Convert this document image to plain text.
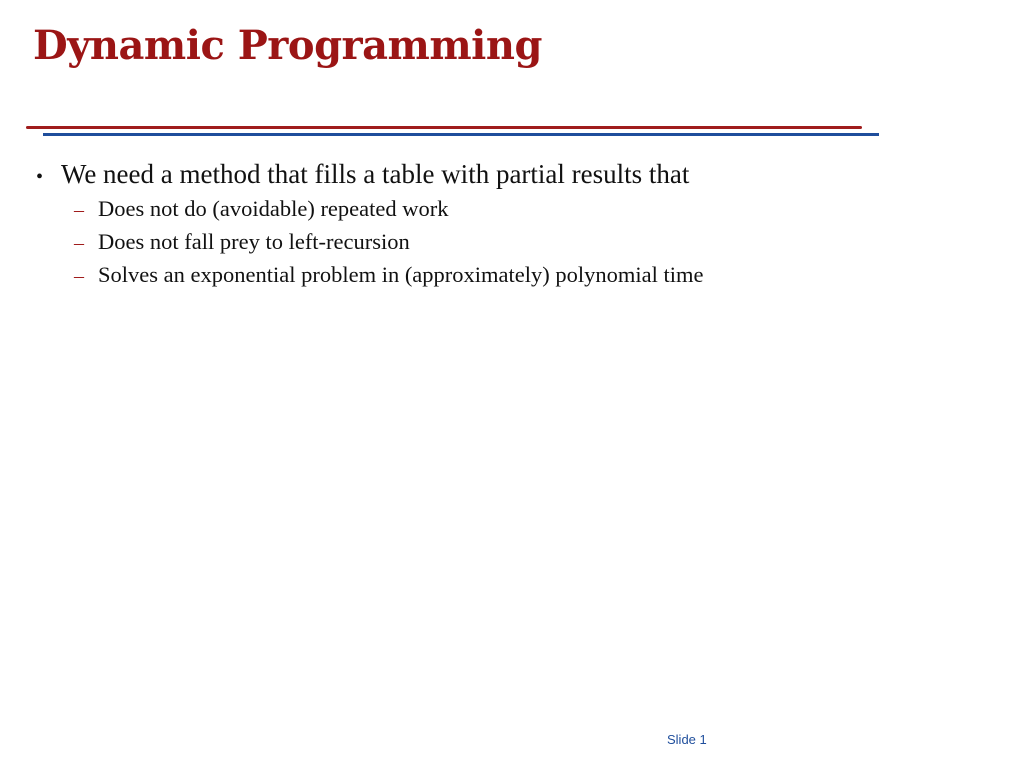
Dynamic Programming
• We need a method that fills a table with partial results that
– Does not do (avoidable) repeated work
– Does not fall prey to left-recursion
– Solves an exponential problem in (approximately) polynomial time
Slide 1
